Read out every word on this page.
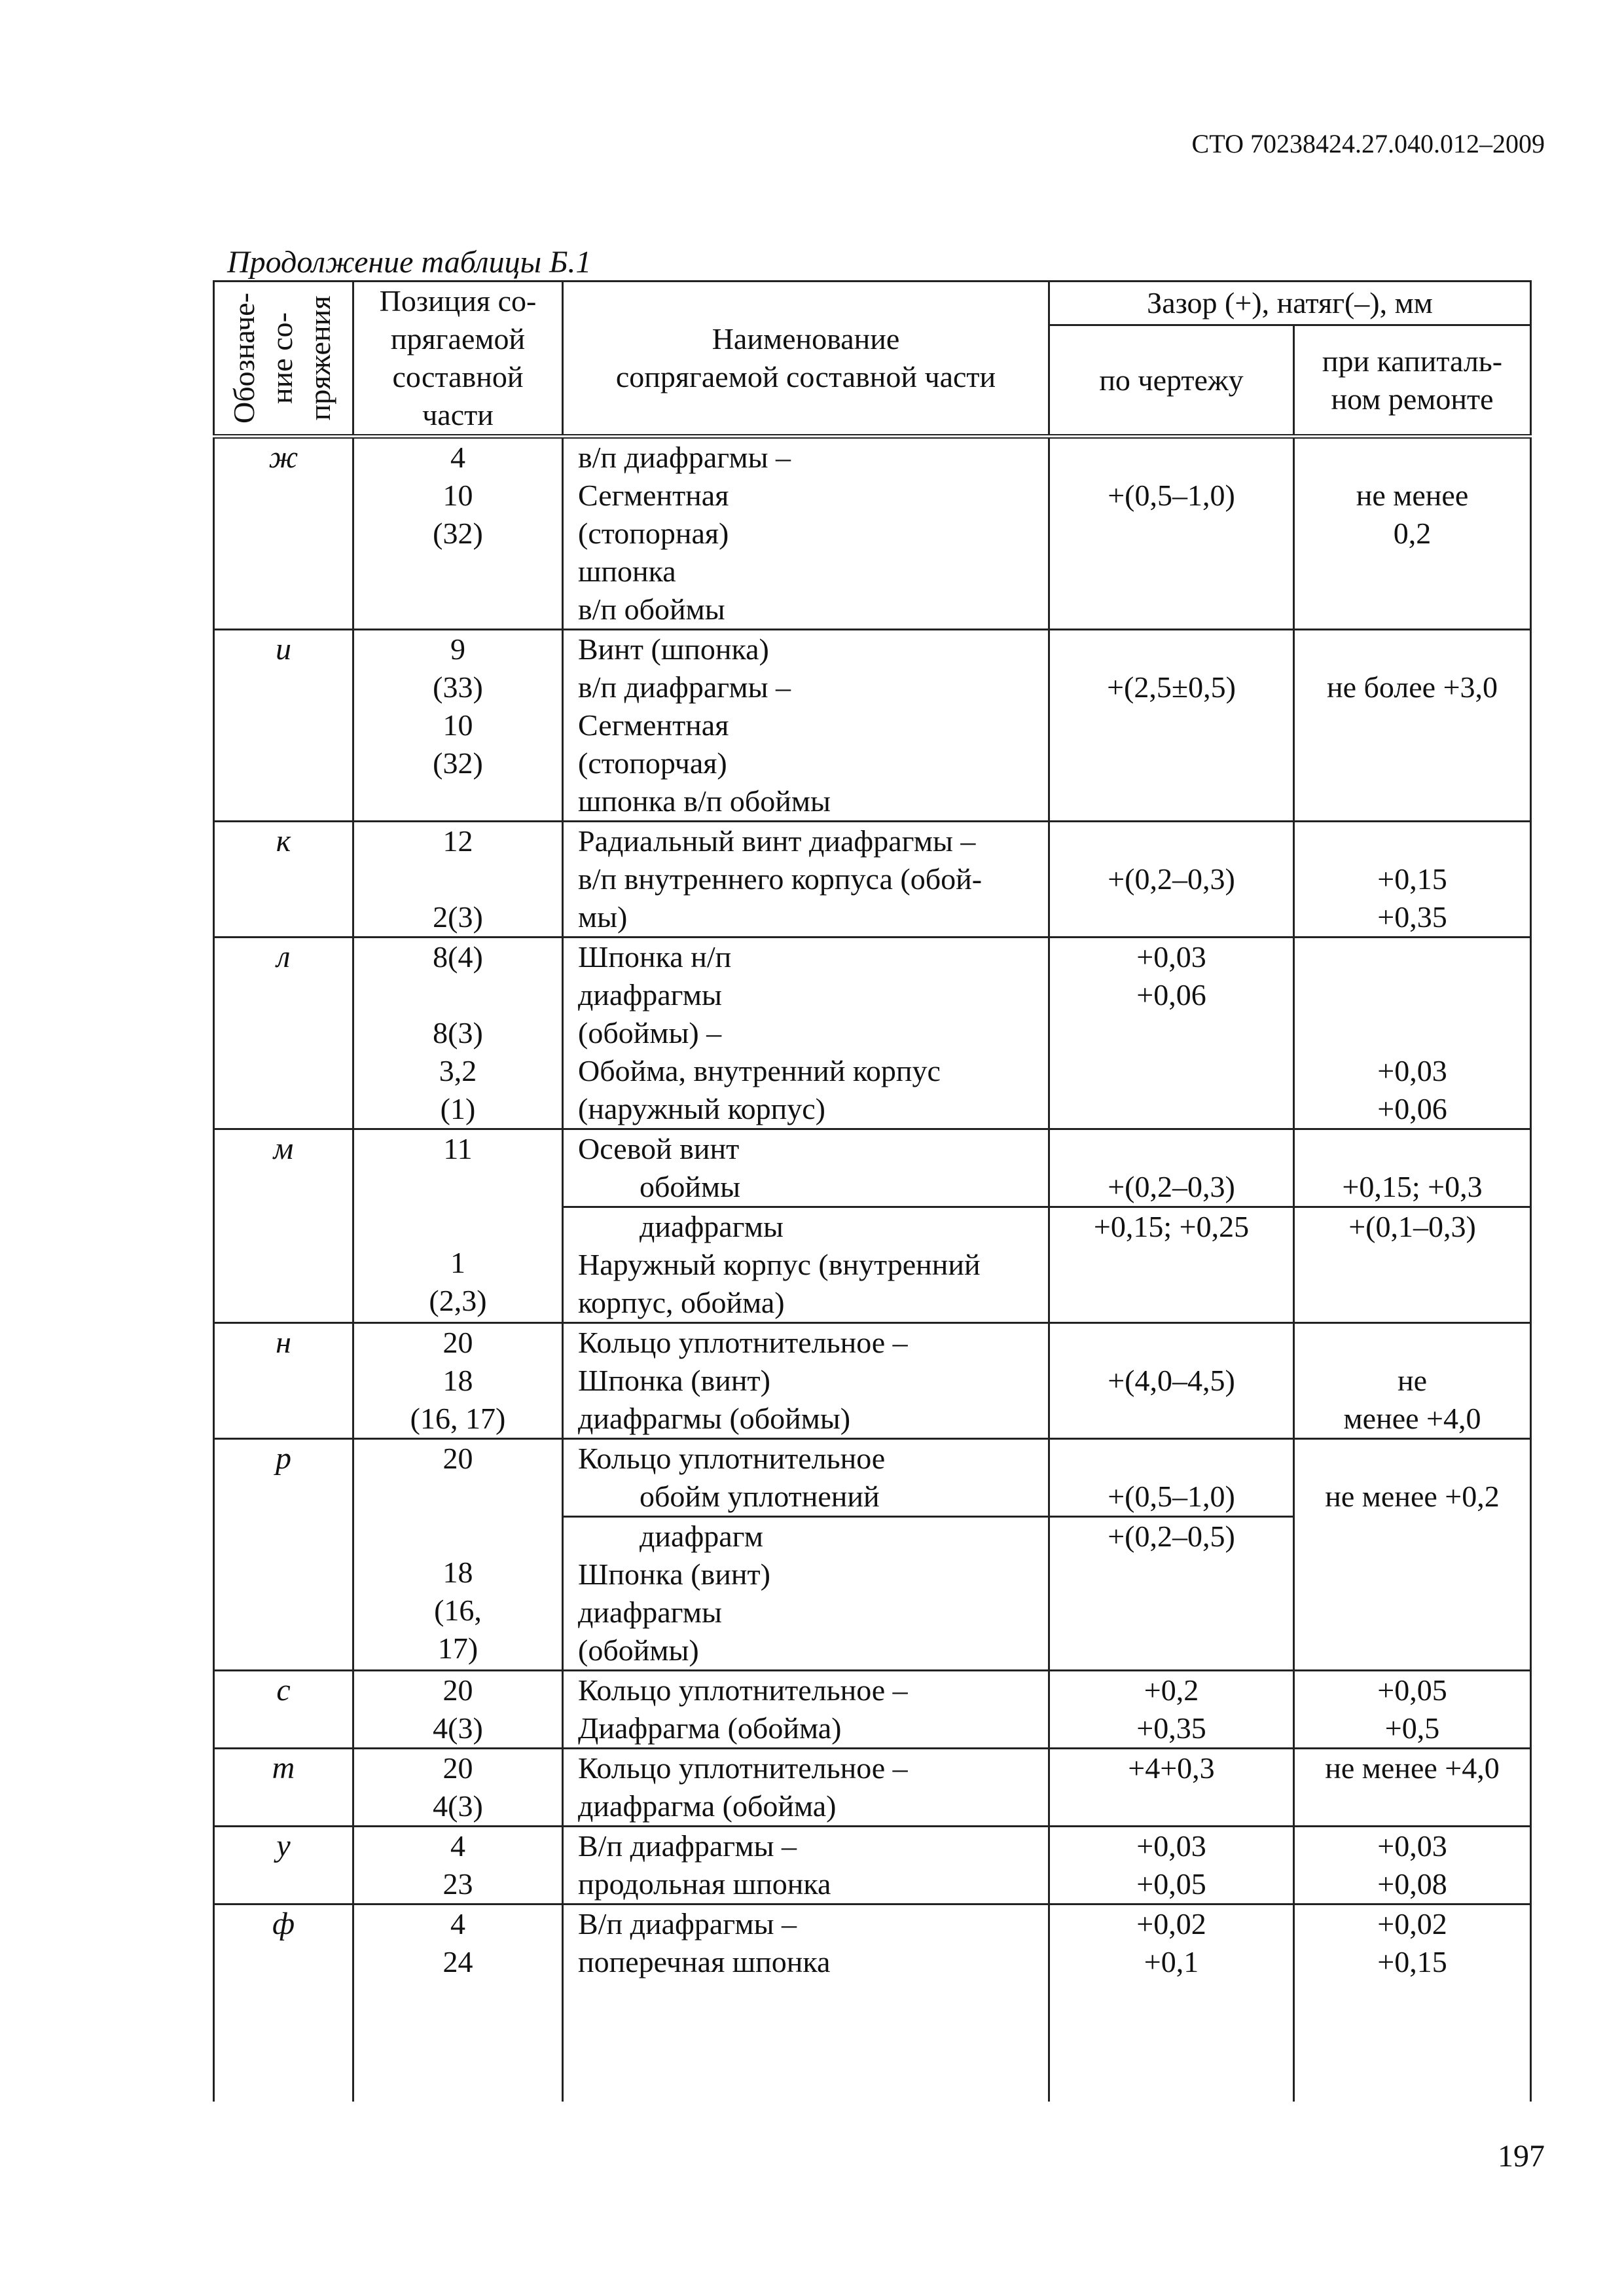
СТО 70238424.27.040.012–2009
Продолжение таблицы Б.1
Обозначе- ние со- пряжения	Позиция со-
прягаемой
составной
части	Наименование
сопрягаемой составной части	Зазор (+), натяг(–), мм	
			по чертежу	при капиталь-
ном ремонте

ж	4
10
(32)	в/п диафрагмы –
Сегментная
(стопорная)
шпонка
в/п обоймы	+(0,5–1,0)	не менее
0,2

и	9
(33)
10
(32)	Винт (шпонка)
в/п диафрагмы –
Сегментная
(стопорчая)
шпонка в/п обоймы	+(2,5±0,5)	не более +3,0

к	12
2(3)	Радиальный винт диафрагмы –
в/п внутреннего корпуса (обой-
мы)	+(0,2–0,3)	+0,15
+0,35

л	8(4)
8(3)
3,2
(1)	Шпонка н/п
диафрагмы
(обоймы) –
Обойма, внутренний корпус
(наружный корпус)	+0,03
+0,06	+0,03
+0,06

м	11
1
(2,3)	Осевой винт
обоймы	+(0,2–0,3)	+0,15; +0,3

		диафрагмы
Наружный корпус (внутренний
корпус, обойма)	+0,15; +0,25	+(0,1–0,3)

н	20
18
(16, 17)	Кольцо уплотнительное –
Шпонка (винт)
диафрагмы (обоймы)	+(4,0–4,5)	не
менее +4,0

р	20
18
(16,
17)	Кольцо уплотнительное
обойм уплотнений	+(0,5–1,0)	не менее +0,2

		диафрагм
Шпонка (винт)
диафрагмы
(обоймы)	+(0,2–0,5)	

с	20
4(3)	Кольцо уплотнительное –
Диафрагма (обойма)	+0,2
+0,35	+0,05
+0,5

т	20
4(3)	Кольцо уплотнительное –
диафрагма (обойма)	+4+0,3	не менее +4,0

у	4
23	В/п диафрагмы –
продольная шпонка	+0,03
+0,05	+0,03
+0,08

ф	4
24	В/п диафрагмы –
поперечная шпонка	+0,02
+0,1	+0,02
+0,15
197
